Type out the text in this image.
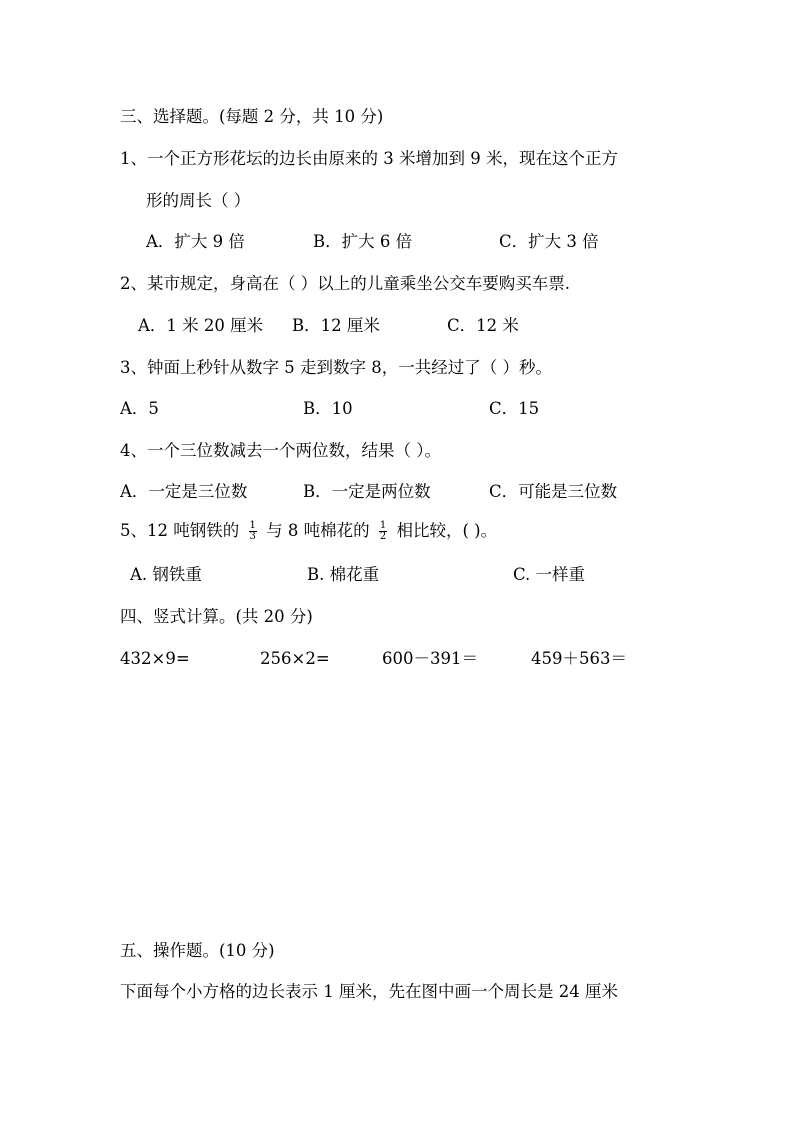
三、选择题。(每题 2 分，共 10 分)
1、一个正方形花坛的边长由原来的 3 米增加到 9 米，现在这个正方
形的周长（ ）
A．扩大 9 倍	B．扩大 6 倍	C．扩大 3 倍
2、某市规定，身高在（ ）以上的儿童乘坐公交车要购买车票.
A．1 米 20 厘米 B．12 厘米	C．12 米
3、钟面上秒针从数字 5 走到数字 8，一共经过了（ ）秒。
A．5	B．10	C．15
4、一个三位数减去一个两位数，结果（ ）。
A．一定是三位数	B．一定是两位数	C．可能是三位数
5、12 吨钢铁的 $\frac{1}{3}$ 与 8 吨棉花的 $\frac{1}{2}$ 相比较，( )。
A. 钢铁重	B. 棉花重	C. 一样重
四、竖式计算。(共 20 分)
432×9=	256×2=	600－391＝	459＋563＝
五、操作题。(10 分)
下面每个小方格的边长表示 1 厘米，先在图中画一个周长是 24 厘米
